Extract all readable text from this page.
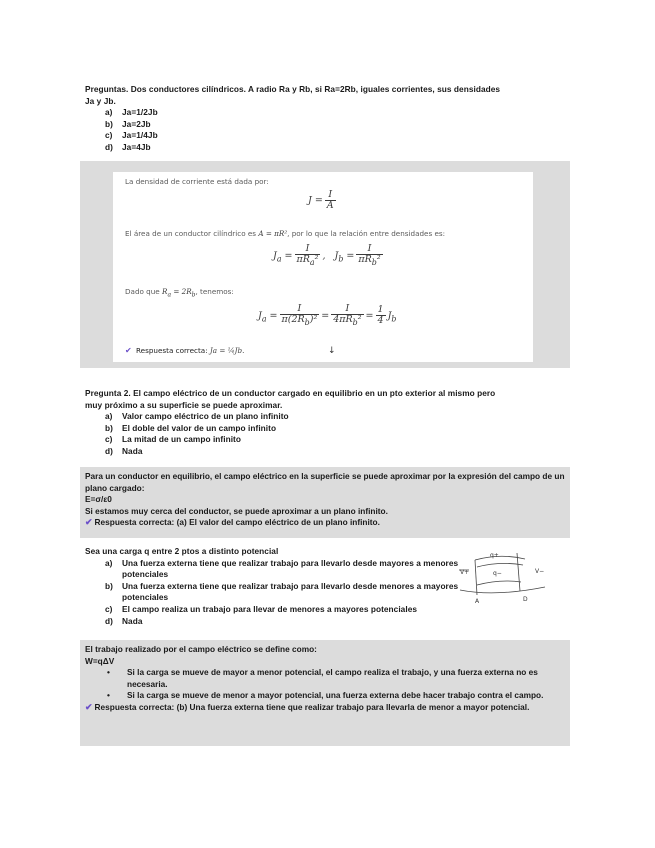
Preguntas. Dos conductores cilíndricos. A radio Ra y Rb, si Ra=2Rb, iguales corrientes, sus densidades Ja y Jb.
a) Ja=1/2Jb
b) Ja=2Jb
c) Ja=1/4Jb
d) Ja=4Jb
La densidad de corriente está dada por:
$J = \frac{I}{A}$
El área de un conductor cilíndrico es A = πR², por lo que la relación entre densidades es:
$J_a = \frac{I}{\pi R_a^2}$ ,   $J_b = \frac{I}{\pi R_b^2}$
Dado que $R_a = 2R_b$, tenemos:
$J_a = \frac{I}{\pi(2R_b)^2} = \frac{I}{4\pi R_b^2} = \frac{1}{4} J_b$
✔ Respuesta correcta: Ja = ¼Jb.	↓
Pregunta 2. El campo eléctrico de un conductor cargado en equilibrio en un pto exterior al mismo pero muy próximo a su superficie se puede aproximar.
a) Valor campo eléctrico de un plano infinito
b) El doble del valor de un campo infinito
c) La mitad de un campo infinito
d) Nada
Para un conductor en equilibrio, el campo eléctrico en la superficie se puede aproximar por la expresión del campo de un plano cargado:
E=σ/ε0
Si estamos muy cerca del conductor, se puede aproximar a un plano infinito.
✔ Respuesta correcta: (a) El valor del campo eléctrico de un plano infinito.
Sea una carga q entre 2 ptos a distinto potencial
a) Una fuerza externa tiene que realizar trabajo para llevarlo desde mayores a menores potenciales
b) Una fuerza externa tiene que realizar trabajo para llevarlo desde menores a mayores potenciales
c) El campo realiza un trabajo para llevar de menores a mayores potenciales
d) Nada
q+
q−
V+	V−
A	D
El trabajo realizado por el campo eléctrico se define como:
W=qΔV
• Si la carga se mueve de mayor a menor potencial, el campo realiza el trabajo, y una fuerza externa no es necesaria.
• Si la carga se mueve de menor a mayor potencial, una fuerza externa debe hacer trabajo contra el campo.
✔ Respuesta correcta: (b) Una fuerza externa tiene que realizar trabajo para llevarla de menor a mayor potencial.
